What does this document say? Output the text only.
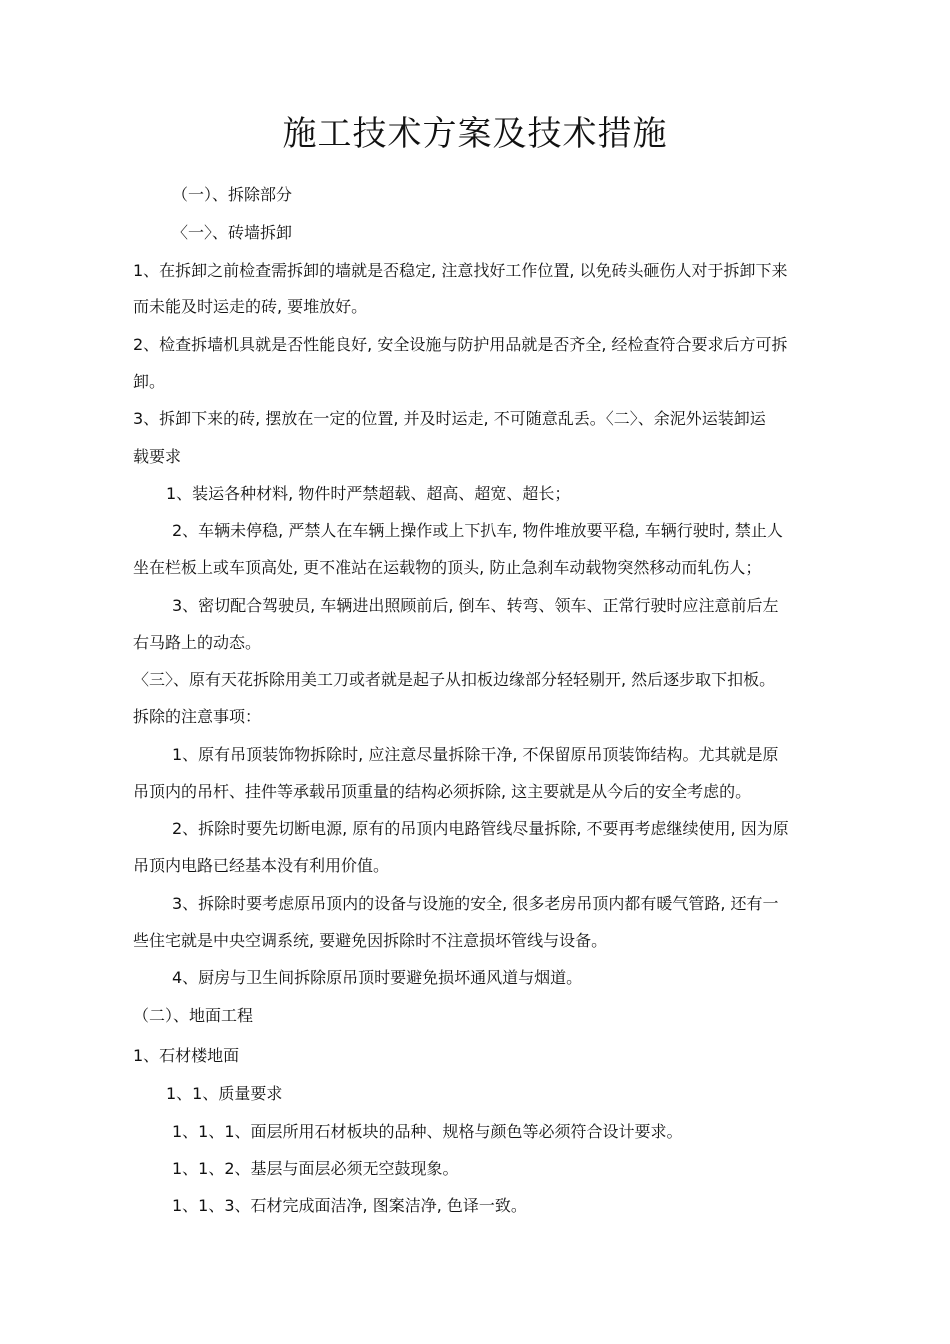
施工技术方案及技术措施

（一）、拆除部分

〈一〉、砖墙拆卸

1、在拆卸之前检查需拆卸的墙就是否稳定, 注意找好工作位置, 以免砖头砸伤人对于拆卸下来

而未能及时运走的砖, 要堆放好。

2、检查拆墙机具就是否性能良好, 安全设施与防护用品就是否齐全, 经检查符合要求后方可拆

卸。

3、拆卸下来的砖, 摆放在一定的位置, 并及时运走, 不可随意乱丢。〈二〉、余泥外运装卸运

载要求

1、装运各种材料, 物件时严禁超载、超高、超宽、超长；

2、车辆未停稳, 严禁人在车辆上操作或上下扒车, 物件堆放要平稳, 车辆行驶时, 禁止人

坐在栏板上或车顶高处, 更不准站在运载物的顶头, 防止急刹车动载物突然移动而轧伤人；

3、密切配合驾驶员, 车辆进出照顾前后, 倒车、转弯、领车、正常行驶时应注意前后左

右马路上的动态。

〈三〉、原有天花拆除用美工刀或者就是起子从扣板边缘部分轻轻剔开, 然后逐步取下扣板。

拆除的注意事项：

1、原有吊顶装饰物拆除时, 应注意尽量拆除干净, 不保留原吊顶装饰结构。尤其就是原

吊顶内的吊杆、挂件等承载吊顶重量的结构必须拆除, 这主要就是从今后的安全考虑的。

2、拆除时要先切断电源, 原有的吊顶内电路管线尽量拆除, 不要再考虑继续使用, 因为原

吊顶内电路已经基本没有利用价值。

3、拆除时要考虑原吊顶内的设备与设施的安全, 很多老房吊顶内都有暖气管路, 还有一

些住宅就是中央空调系统, 要避免因拆除时不注意损坏管线与设备。

4、厨房与卫生间拆除原吊顶时要避免损坏通风道与烟道。

（二）、地面工程

1、石材楼地面

1、1、质量要求

1、1、1、面层所用石材板块的品种、规格与颜色等必须符合设计要求。

1、1、2、基层与面层必须无空鼓现象。

1、1、3、石材完成面洁净, 图案洁净, 色译一致。
